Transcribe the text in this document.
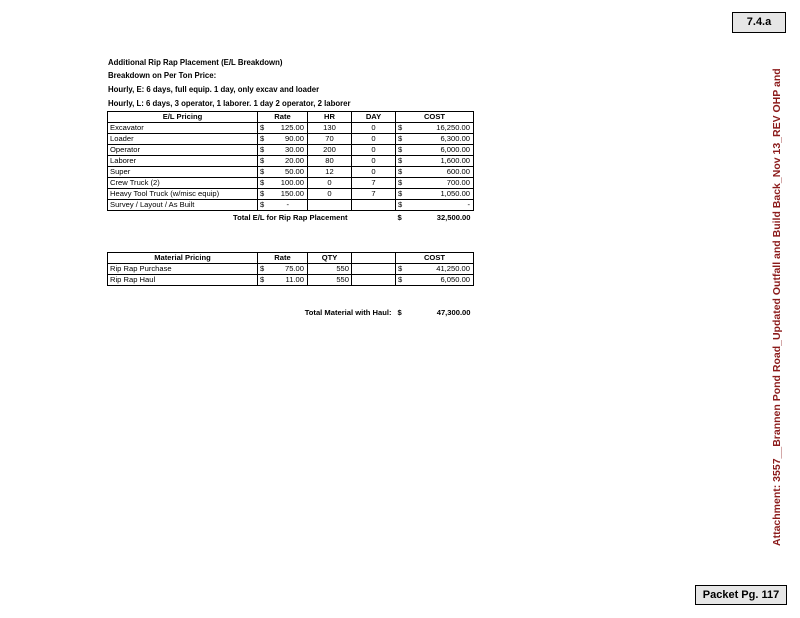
7.4.a
Attachment: 3557__Brannen Pond Road_Updated Outfall and Build Back_Nov 13_REV OHP and
Additional Rip Rap Placement (E/L Breakdown)
Breakdown on Per Ton Price:
Hourly, E: 6 days, full equip. 1 day, only excav and loader
Hourly, L: 6 days, 3 operator, 1 laborer. 1 day 2 operator, 2 laborer
E/L Pricing	Rate		HR	DAY	COST	
Excavator	$	125.00	130	0	$	16,250.00
Loader	$	90.00	70	0	$	6,300.00
Operator	$	30.00	200	0	$	6,000.00
Laborer	$	20.00	80	0	$	1,600.00
Super	$	50.00	12	0	$	600.00
Crew Truck (2)	$	100.00	0	7	$	700.00
Heavy Tool Truck (w/misc equip)	$	150.00	0	7	$	1,050.00
Survey / Layout / As Built	$	-			$	-
Total E/L for Rip Rap Placement					$	32,500.00
Material Pricing	Rate		QTY		COST	
Rip Rap Purchase	$	75.00	550		$	41,250.00
Rip Rap Haul	$	11.00	550		$	6,050.00

Total Material with Haul:					$	47,300.00
Packet Pg. 117
